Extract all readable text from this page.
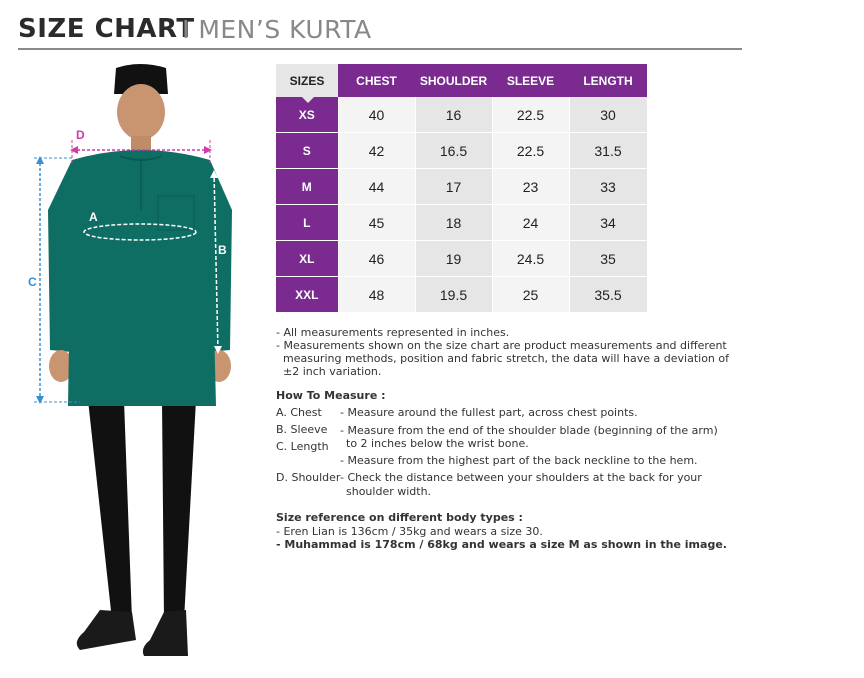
SIZE CHART
I MEN’S KURTA
C
D
A
B
SIZES	CHEST	SHOULDER	SLEEVE	LENGTH
XS	40	16	22.5	30
S	42	16.5	22.5	31.5
M	44	17	23	33
L	45	18	24	34
XL	46	19	24.5	35
XXL	48	19.5	25	35.5

- All measurements represented in inches.

- Measurements shown on the size chart are product measurements and different

measuring methods, position and fabric stretch, the data will have a deviation of

±2 inch variation.

How To Measure :
A. Chest - Measure around the fullest part, across chest points.
B. Sleeve - Measure from the end of the shoulder blade (beginning of the arm)
to 2 inches below the wrist bone.
C. Length
- Measure from the highest part of the back neckline to the hem.
D. Shoulder - Check the distance between your shoulders at the back for your
shoulder width.
Size reference on different body types :
- Eren Lian is 136cm / 35kg and wears a size 30.
- Muhammad is 178cm / 68kg and wears a size M as shown in the image.
